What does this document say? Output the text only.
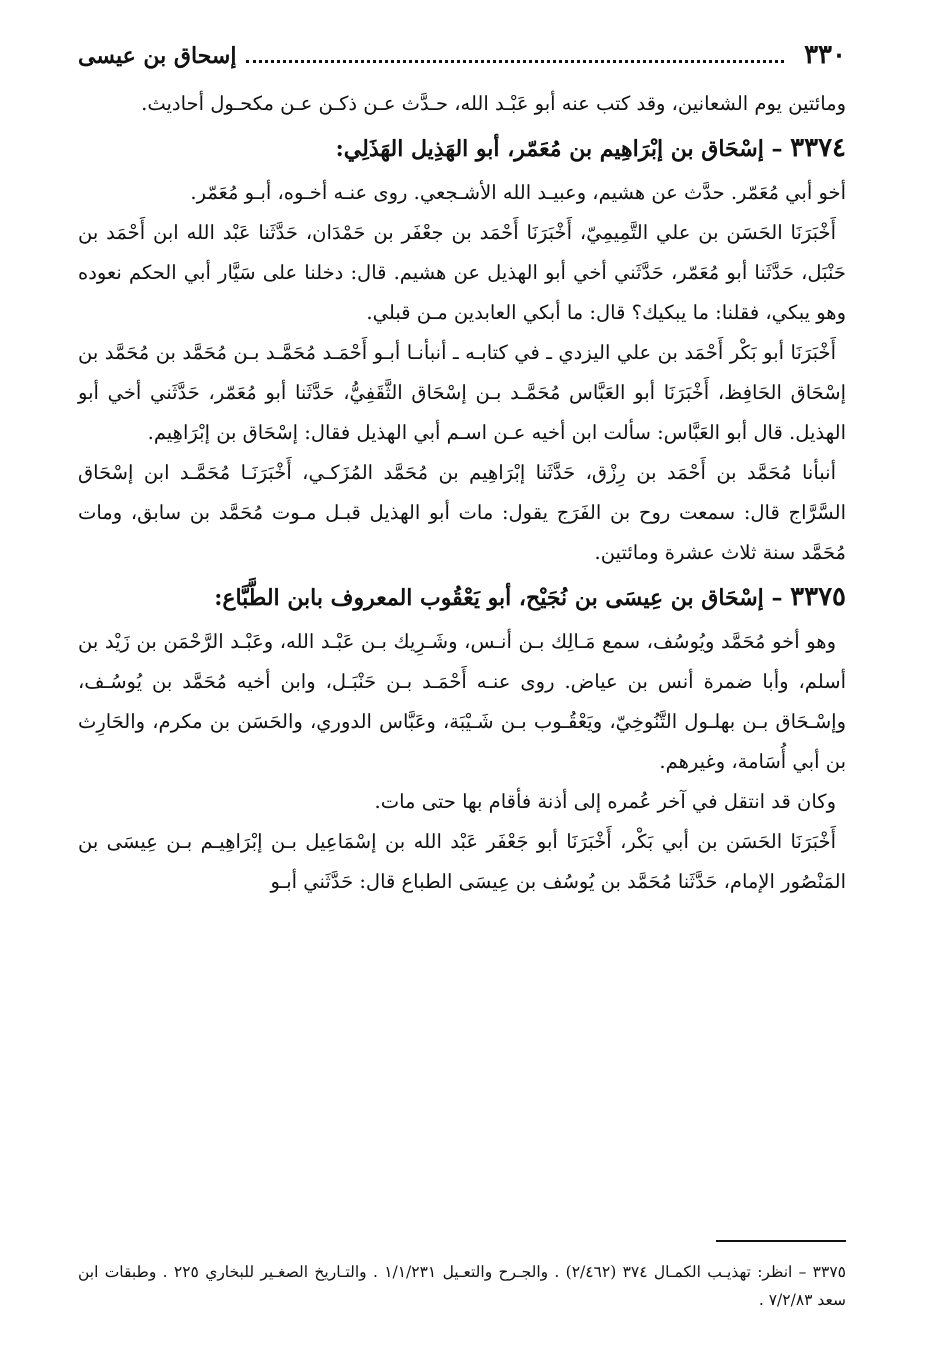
٣٣٠
إسحاق بن عيسى

ومائتين يوم الشعانين، وقد كتب عنه أبو عَبْـد الله، حـدَّث عـن ذكـن عـن مكحـول أحاديث.

٣٣٧٤ – إسْحَاق بن إبْرَاهِيم بن مُعَمّر، أبو الهَذِيل الهَذَلِي:

أخو أبي مُعَمّر. حدَّث عن هشيم، وعبيـد الله الأشـجعي. روى عنـه أخـوه، أبـو مُعَمّر.

أَخْبَرَنَا الحَسَن بن علي التَّمِيمِيّ، أَخْبَرَنَا أَحْمَد بن جعْفَر بن حَمْدَان، حَدَّثَنا عَبْد الله ابن أَحْمَد بن حَنْبَل، حَدَّثَنا أبو مُعَمّر، حَدَّثَني أخي أبو الهذيل عن هشيم. قال: دخلنا على سَيَّار أبي الحكم نعوده وهو يبكي، فقلنا: ما يبكيك؟ قال: ما أبكي العابدين مـن قبلي.

أَخْبَرَنَا أبو بَكْر أَحْمَد بن علي اليزدي ـ في كتابـه ـ أنبأنـا أبـو أَحْمَـد مُحَمَّـد بـن مُحَمَّد بن مُحَمَّد بن إسْحَاق الحَافِظ، أَخْبَرَنَا أبو العَبَّاس مُحَمَّـد بـن إسْحَاق الثَّقَفِيُّ، حَدَّثَنا أبو مُعَمّر، حَدَّثَني أخي أبو الهذيل. قال أبو العَبَّاس: سألت ابن أخيه عـن اسـم أبي الهذيل فقال: إسْحَاق بن إبْرَاهِيم.

أنبأنا مُحَمَّد بن أَحْمَد بن رِزْق، حَدَّثَنا إبْرَاهِيم بن مُحَمَّد المُزَكـي، أَخْبَرَنَـا مُحَمَّـد ابن إسْحَاق السَّرَّاج قال: سمعت روح بن الفَرَج يقول: مات أبو الهذيل قبـل مـوت مُحَمَّد بن سابق، ومات مُحَمَّد سنة ثلاث عشرة ومائتين.

٣٣٧٥ – إسْحَاق بن عِيسَى بن نُجَيْح، أبو يَعْقُوب المعروف بابن الطَّبَّاع:

وهو أخو مُحَمَّد ويُوسُف، سمع مَـالِك بـن أنـس، وشَـرِيك بـن عَبْـد الله، وعَبْـد الرَّحْمَن بن زَيْد بن أسلم، وأبا ضمرة أنس بن عياض. روى عنـه أَحْمَـد بـن حَنْبَـل، وابن أخيه مُحَمَّد بن يُوسُـف، وإسْـحَاق بـن بهلـول التَّنُوخِيّ، ويَعْقُـوب بـن شَـيْبَة، وعَبَّاس الدوري، والحَسَن بن مكرم، والحَارِث بن أبي أُسَامة، وغيرهم.

وكان قد انتقل في آخر عُمره إلى أذنة فأقام بها حتى مات.

أَخْبَرَنَا الحَسَن بن أبي بَكْر، أَخْبَرَنَا أبو جَعْفَر عَبْد الله بن إسْمَاعِيل بـن إبْرَاهِيـم بـن عِيسَى بن المَنْصُور الإمام، حَدَّثَنا مُحَمَّد بن يُوسُف بن عِيسَى الطباع قال: حَدَّثَني أبـو

٣٣٧٥ – انظر: تهذيـب الكمـال ٣٧٤ (٢/٤٦٢) . والجـرح والتعـيل ١/١/٢٣١ . والتـاريخ الصغـير للبخاري ٢٢٥ . وطبقات ابن سعد ٧/٢/٨٣ .
